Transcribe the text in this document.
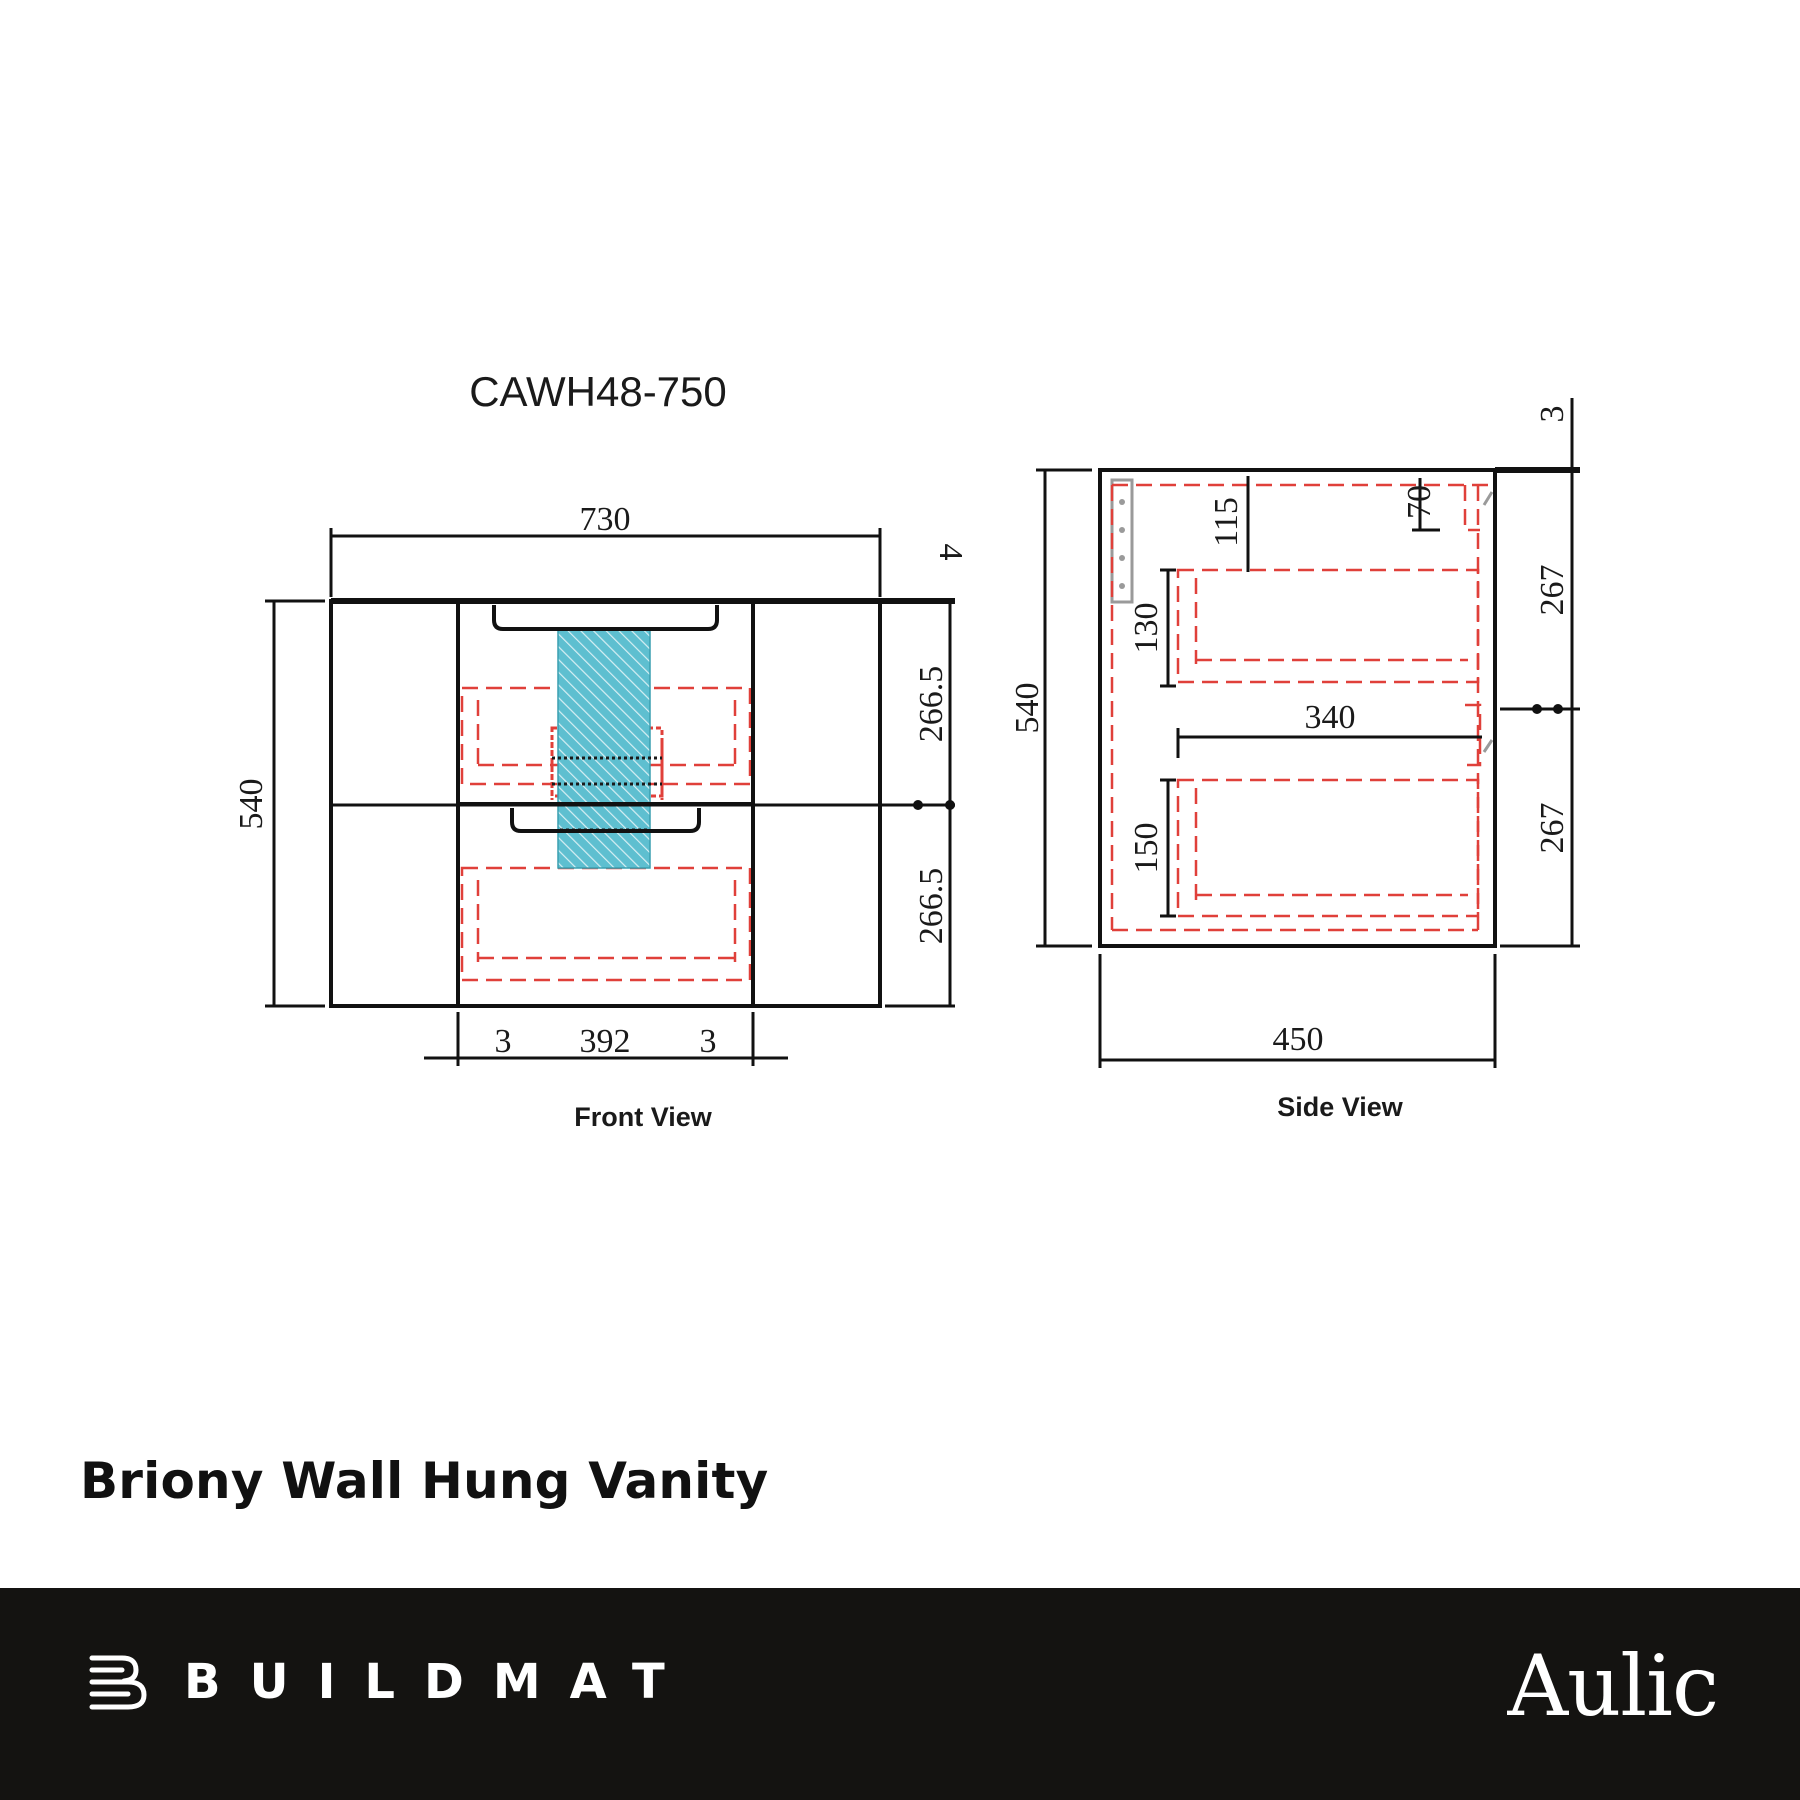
CAWH48-750
730
540
4
266.5
266.5
3 392 3
Front View
540
450
3
267
267
115	70
130
340
150
Side View
Briony Wall Hung Vanity

BUILDMAT	Aulic
